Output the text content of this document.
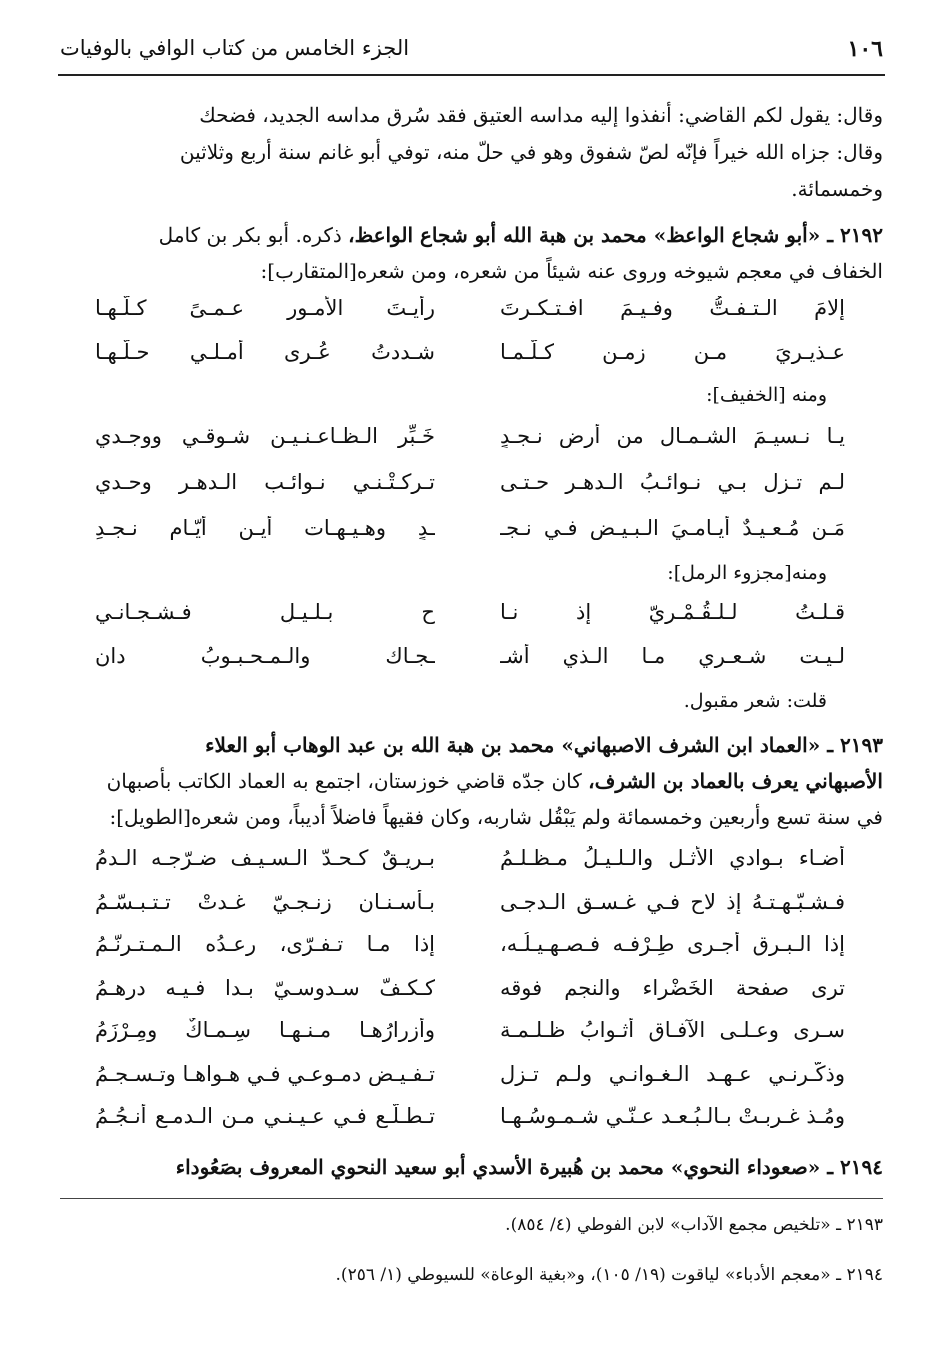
١٠٦
الجزء الخامس من كتاب الوافي بالوفيات

وقال: يقول لكم القاضي: أنفذوا إليه مداسه العتيق فقد سُرق مداسه الجديد، فضحك

وقال: جزاه الله خيراً فإنّه لصّ شفوق وهو في حلّ منه، توفي أبو غانم سنة أربع وثلاثين

وخمسمائة.

٢١٩٢ ـ «أبو شجاع الواعظ» محمد بن هبة الله أبو شجاع الواعظ، ذكره. أبو بكر بن كامل

الخفاف في معجم شيوخه وروى عنه شيئاً من شعره، ومن شعره[المتقارب]:

إلامَ الـتـفـتُّ وفـيـمَ افـتـكـرتَ
رأيـتَ الأمـور عـمـىً كـلّـهـا
عـذيـريَ مـن زمـنٍ كـلّـمـا
شـددتُ عُـرى أمـلـي حـلّـهـا
ومنه [الخفيف]:
يـا نـسيـمَ الشـمـال من أرض نـجـدٍ
خَـبِّر الـظـاعـنـيـن شـوقـي ووجـدي
لـم تـزل بـي نـوائـبُ الـدهـر حـتـى
تـركـتْـنـي نـوائـب الـدهـر وحـدي
مَـن مُـعـيـدٌ أيـامـيَ الـبـيـض فـي نـجـ
ـدٍ وهـيـهـات أيـن أيّـام نـجـدِ
ومنه[مجزوء الرمل]:
قـلـتُ لـلـقُـمْـريّ إذ نـا
ح بـلـيـلٍ فـشـجـانـي
لـيـت شـعـري مـا الـذي أشـ
ـجـاك والـمـحـبـوبُ دانِ
قلت: شعر مقبول.

٢١٩٣ ـ «العماد ابن الشرف الاصبهاني» محمد بن هبة الله بن عبد الوهاب أبو العلاء

الأصبهاني يعرف بالعماد بن الشرف، كان جدّه قاضي خوزستان، اجتمع به العماد الكاتب بأصبهان

في سنة تسع وأربعين وخمسمائة ولم يَبْقُل شاربه، وكان فقيهاً فاضلاً أديباً، ومن شعره[الطويل]:

أضـاء بـوادي الأثـلِ والـلـيـلُ مـظـلـمُ
بـريـقٌ كـحـدّ الـسـيـف ضـرّجـه الـدمُ
فـشـبّـهـتـهُ إذ لاح فـي غـسـق الـدجـى
بـأسـنـان زنـجـيّ غـدتْ تـتـبـسّـمُ
إذا الـبـرق أجـرى طِـرْفـه فـصـهـيـلُـه،
إذا مـا تـفـرّى، رعـدُه الـمـتـرنّـمُ
ترى صفحة الخَضْراء والنجم فوقه
كـكـفّ سـدوسـيّ بـدا فـيـه درهـمُ
سـرى وعـلـى الآفـاق أثـوابُ ظـلـمـة
وأزرارُهـا مـنـهـا سِـمـاكٌ ومِـرْزَمُ
وذكّـرنـي عـهـد الـغـوانـي ولـم تـزل
تـفـيـض دمـوعـي فـي هـواهـا وتـسـجـمُ
ومُـذ غـربـتْ بـالـبُـعـد عـنّـي شـمـوسُـهـا
تـطـلّـع فـي عـيـنـي مـن الـدمـع أنـجُـمُ

٢١٩٤ ـ «صعوداء النحوي» محمد بن هُبيرة الأسدي أبو سعيد النحوي المعروف بصَعُوداء

٢١٩٣ ـ «تلخيص مجمع الآداب» لابن الفوطي (٤/ ٨٥٤).
٢١٩٤ ـ «معجم الأدباء» لياقوت (١٩/ ١٠٥)، و«بغية الوعاة» للسيوطي (١/ ٢٥٦).
